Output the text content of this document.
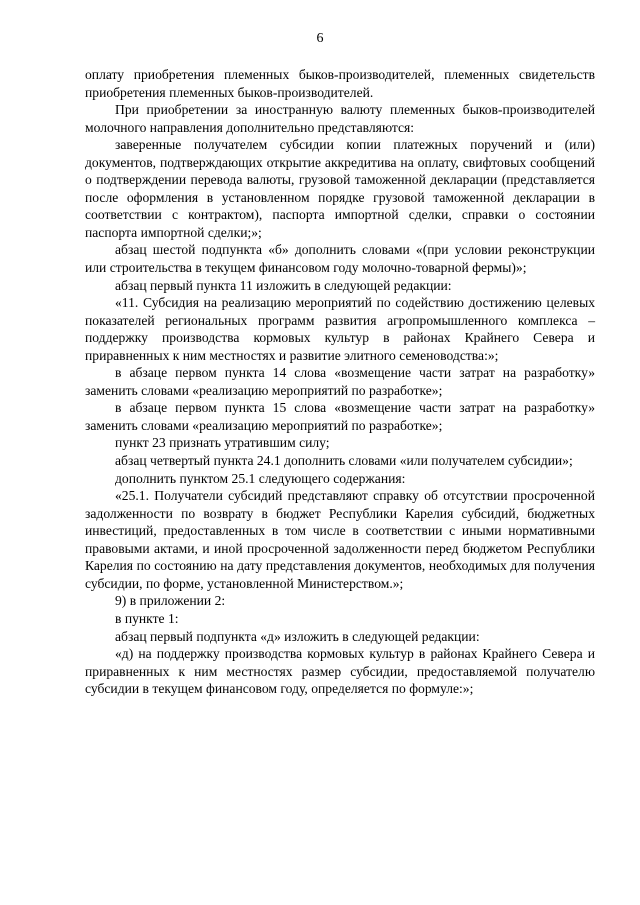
6

оплату приобретения племенных быков-производителей, племенных свидетельств приобретения племенных быков-производителей.

При приобретении за иностранную валюту племенных быков-производителей молочного направления дополнительно представляются:

заверенные получателем субсидии копии платежных поручений и (или) документов, подтверждающих открытие аккредитива на оплату, свифтовых сообщений о подтверждении перевода валюты, грузовой таможенной декларации (представляется после оформления в установленном порядке грузовой таможенной декларации в соответствии с контрактом), паспорта импортной сделки, справки о состоянии паспорта импортной сделки;»;

абзац шестой подпункта «б» дополнить словами «(при условии реконструкции или строительства в текущем финансовом году молочно-товарной фермы)»;

абзац первый пункта 11 изложить в следующей редакции:

«11. Субсидия на реализацию мероприятий по содействию достижению целевых показателей региональных программ развития агропромышленного комплекса – поддержку производства кормовых культур в районах Крайнего Севера и приравненных к ним местностях и развитие элитного семеноводства:»;

в абзаце первом пункта 14 слова «возмещение части затрат на разработку» заменить словами «реализацию мероприятий по разработке»;

в абзаце первом пункта 15 слова «возмещение части затрат на разработку» заменить словами «реализацию мероприятий по разработке»;

пункт 23 признать утратившим силу;

абзац четвертый пункта 24.1 дополнить словами «или получателем субсидии»;

дополнить пунктом 25.1 следующего содержания:

«25.1. Получатели субсидий представляют справку об отсутствии просроченной задолженности по возврату в бюджет Республики Карелия субсидий, бюджетных инвестиций, предоставленных в том числе в соответствии с иными нормативными правовыми актами, и иной просроченной задолженности перед бюджетом Республики Карелия по состоянию на дату представления документов, необходимых для получения субсидии, по форме, установленной Министерством.»;

9) в приложении 2:

в пункте 1:

абзац первый подпункта «д» изложить в следующей редакции:

«д) на поддержку производства кормовых культур в районах Крайнего Севера и приравненных к ним местностях размер субсидии, предоставляемой получателю субсидии в текущем финансовом году, определяется по формуле:»;
